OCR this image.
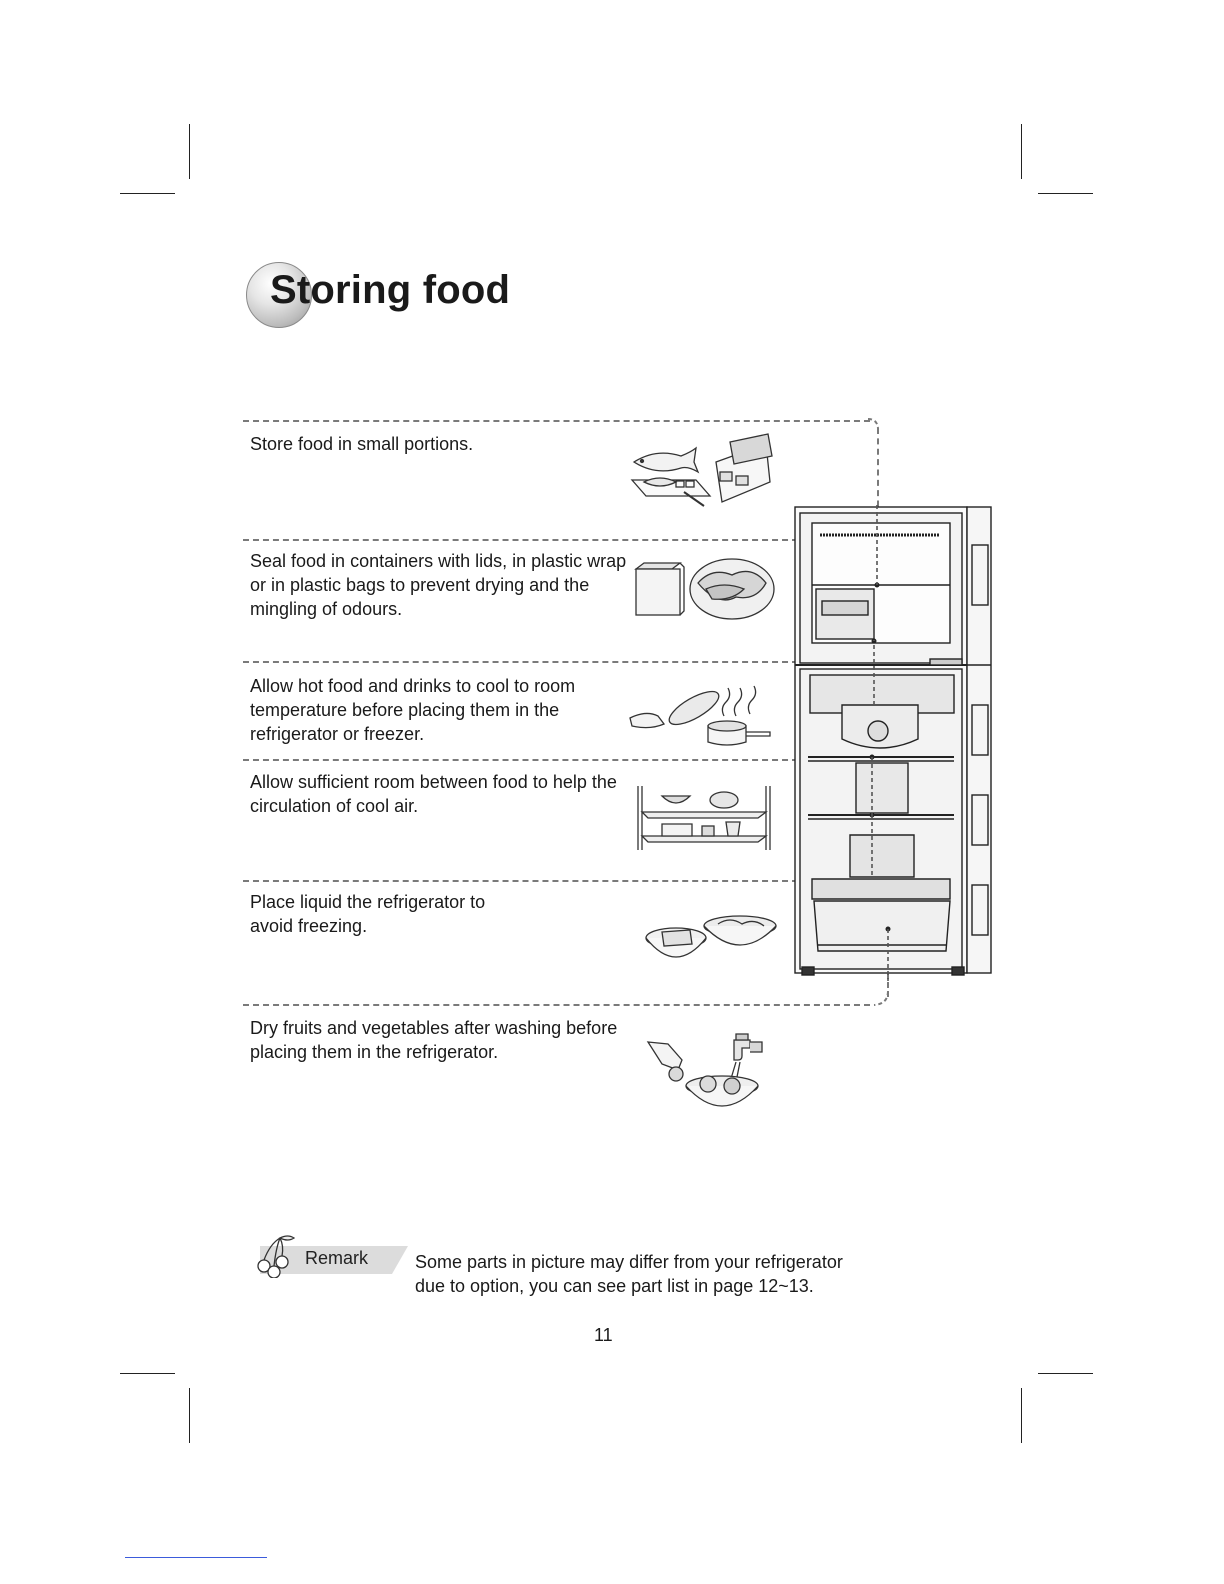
Storing food
Store food in small portions.
Seal food in containers with lids, in plastic wrap or in plastic bags to prevent drying and the mingling of odours.
Allow hot food and drinks to cool to room temperature before placing them in the refrigerator or freezer.
Allow sufficient room between food to help the circulation of cool air.
Place liquid the refrigerator to avoid freezing.
Dry fruits and vegetables after washing before placing them in the refrigerator.
Remark	Some parts in picture may differ from your refrigerator
due to option, you can see part list in page 12~13.
11
